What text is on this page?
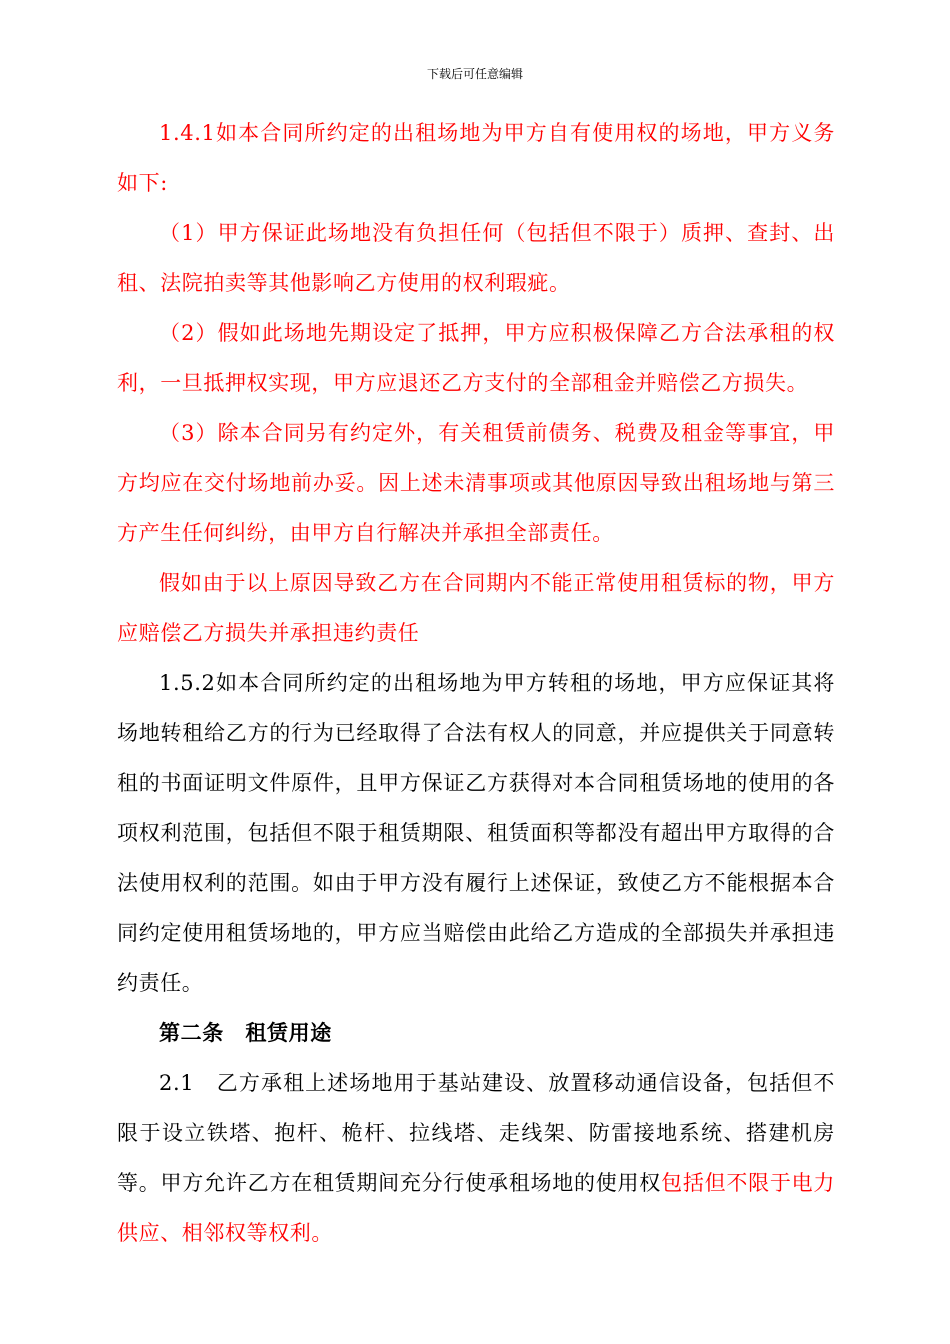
下载后可任意编辑

1.4.1如本合同所约定的出租场地为甲方自有使用权的场地，甲方义务如下:

（1）甲方保证此场地没有负担任何（包括但不限于）质押、查封、出租、法院拍卖等其他影响乙方使用的权利瑕疵。

（2）假如此场地先期设定了抵押，甲方应积极保障乙方合法承租的权利，一旦抵押权实现，甲方应退还乙方支付的全部租金并赔偿乙方损失。

（3）除本合同另有约定外，有关租赁前债务、税费及租金等事宜，甲方均应在交付场地前办妥。因上述未清事项或其他原因导致出租场地与第三方产生任何纠纷，由甲方自行解决并承担全部责任。

假如由于以上原因导致乙方在合同期内不能正常使用租赁标的物，甲方应赔偿乙方损失并承担违约责任

1.5.2如本合同所约定的出租场地为甲方转租的场地，甲方应保证其将场地转租给乙方的行为已经取得了合法有权人的同意，并应提供关于同意转租的书面证明文件原件，且甲方保证乙方获得对本合同租赁场地的使用的各项权利范围，包括但不限于租赁期限、租赁面积等都没有超出甲方取得的合法使用权利的范围。如由于甲方没有履行上述保证，致使乙方不能根据本合同约定使用租赁场地的，甲方应当赔偿由此给乙方造成的全部损失并承担违约责任。

第二条　租赁用途

2.1　乙方承租上述场地用于基站建设、放置移动通信设备，包括但不限于设立铁塔、抱杆、桅杆、拉线塔、走线架、防雷接地系统、搭建机房等。甲方允许乙方在租赁期间充分行使承租场地的使用权包括但不限于电力供应、相邻权等权利。
